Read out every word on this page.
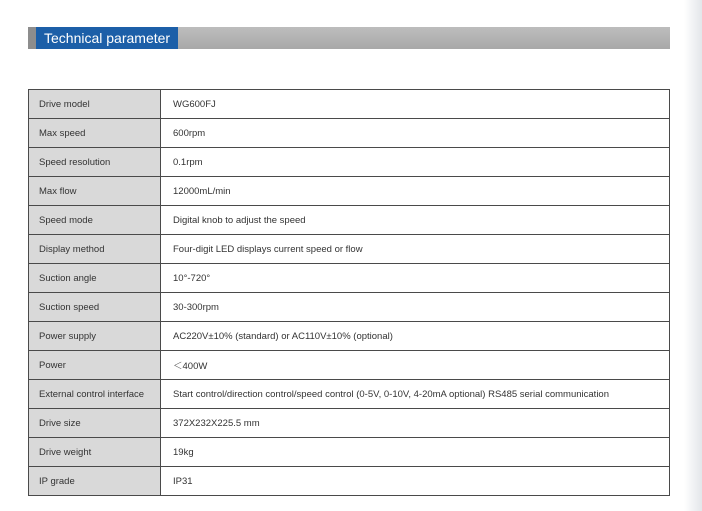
Technical parameter
Drive model	WG600FJ
Max speed	600rpm
Speed resolution	0.1rpm
Max flow	12000mL/min
Speed mode	Digital knob to adjust the speed
Display method	Four-digit LED displays current speed or flow
Suction angle	10°-720°
Suction speed	30-300rpm
Power supply	AC220V±10% (standard) or AC110V±10% (optional)
Power	＜400W
External control interface	Start control/direction control/speed control (0-5V, 0-10V, 4-20mA optional) RS485 serial communication
Drive size	372X232X225.5 mm
Drive weight	19kg
IP grade	IP31
